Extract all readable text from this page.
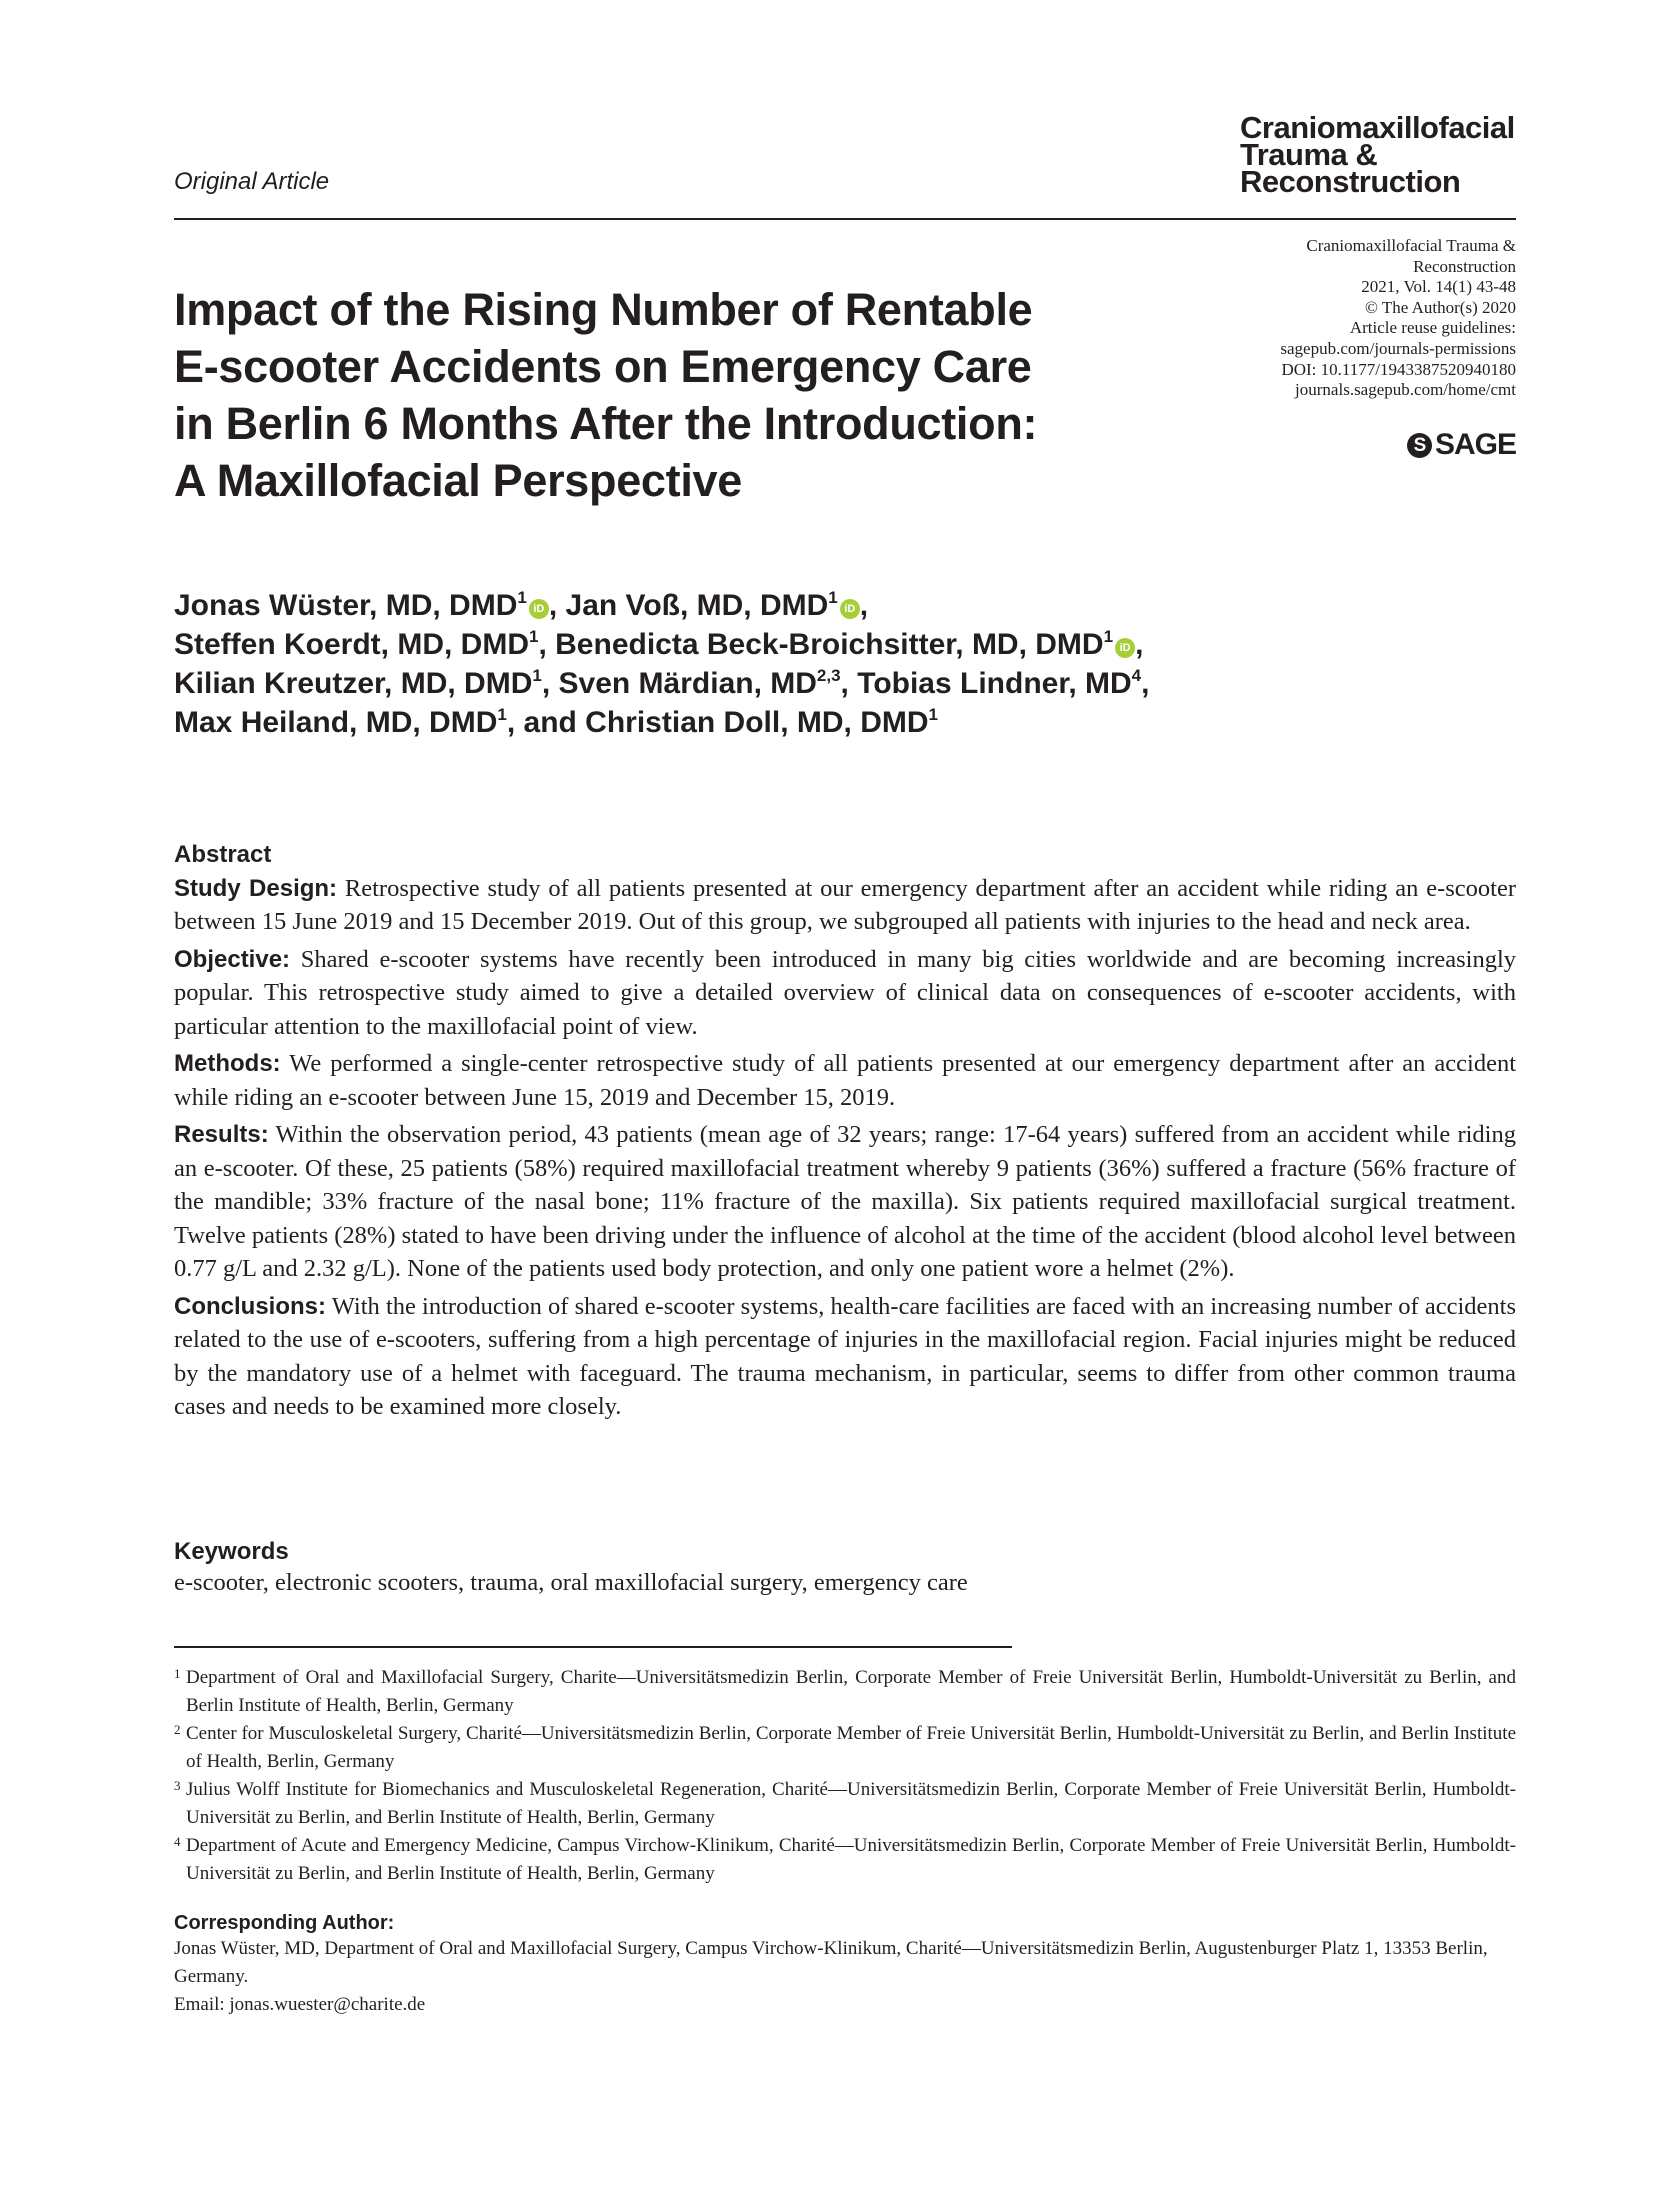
Original Article
Craniomaxillofacial
Trauma &
Reconstruction
Craniomaxillofacial Trauma &
Reconstruction
2021, Vol. 14(1) 43-48
© The Author(s) 2020
Article reuse guidelines:
sagepub.com/journals-permissions
DOI: 10.1177/1943387520940180
journals.sagepub.com/home/cmt
S SAGE
Impact of the Rising Number of Rentable
E-scooter Accidents on Emergency Care
in Berlin 6 Months After the Introduction:
A Maxillofacial Perspective
Jonas Wüster, MD, DMD$^1$iD , Jan Voß, MD, DMD$^1$iD ,
Steffen Koerdt, MD, DMD$^1$, Benedicta Beck-Broichsitter, MD, DMD$^1$iD ,
Kilian Kreutzer, MD, DMD$^1$, Sven Märdian, MD$^{2,3}$, Tobias Lindner, $MD^4$,
Max Heiland, MD, DMD$^1$, and Christian Doll, MD, DMD$^1$
Abstract

Study Design: Retrospective study of all patients presented at our emergency department after an accident while riding an e-scooter between 15 June 2019 and 15 December 2019. Out of this group, we subgrouped all patients with injuries to the head and neck area.

Objective: Shared e-scooter systems have recently been introduced in many big cities worldwide and are becoming increasingly popular. This retrospective study aimed to give a detailed overview of clinical data on consequences of e-scooter accidents, with particular attention to the maxillofacial point of view.

Methods: We performed a single-center retrospective study of all patients presented at our emergency department after an accident while riding an e-scooter between June 15, 2019 and December 15, 2019.

Results: Within the observation period, 43 patients (mean age of 32 years; range: 17-64 years) suffered from an accident while riding an e-scooter. Of these, 25 patients (58%) required maxillofacial treatment whereby 9 patients (36%) suffered a fracture (56% fracture of the mandible; 33% fracture of the nasal bone; 11% fracture of the maxilla). Six patients required maxillofacial surgical treatment. Twelve patients (28%) stated to have been driving under the influence of alcohol at the time of the accident (blood alcohol level between 0.77 g/L and 2.32 g/L). None of the patients used body protection, and only one patient wore a helmet (2%).

Conclusions: With the introduction of shared e-scooter systems, health-care facilities are faced with an increasing number of accidents related to the use of e-scooters, suffering from a high percentage of injuries in the maxillofacial region. Facial injuries might be reduced by the mandatory use of a helmet with faceguard. The trauma mechanism, in particular, seems to differ from other common trauma cases and needs to be examined more closely.

Keywords
e-scooter, electronic scooters, trauma, oral maxillofacial surgery, emergency care

1 Department of Oral and Maxillofacial Surgery, Charite—Universitätsmedizin Berlin, Corporate Member of Freie Universität Berlin, Humboldt-Universität zu Berlin, and Berlin Institute of Health, Berlin, Germany

2 Center for Musculoskeletal Surgery, Charité—Universitätsmedizin Berlin, Corporate Member of Freie Universität Berlin, Humboldt-Universität zu Berlin, and Berlin Institute of Health, Berlin, Germany

3 Julius Wolff Institute for Biomechanics and Musculoskeletal Regeneration, Charité—Universitätsmedizin Berlin, Corporate Member of Freie Universität Berlin, Humboldt-Universität zu Berlin, and Berlin Institute of Health, Berlin, Germany

4 Department of Acute and Emergency Medicine, Campus Virchow-Klinikum, Charité—Universitätsmedizin Berlin, Corporate Member of Freie Universität Berlin, Humboldt-Universität zu Berlin, and Berlin Institute of Health, Berlin, Germany

Corresponding Author:
Jonas Wüster, MD, Department of Oral and Maxillofacial Surgery, Campus Virchow-Klinikum, Charité—Universitätsmedizin Berlin, Augustenburger Platz 1, 13353 Berlin, Germany.
Email: jonas.wuester@charite.de
